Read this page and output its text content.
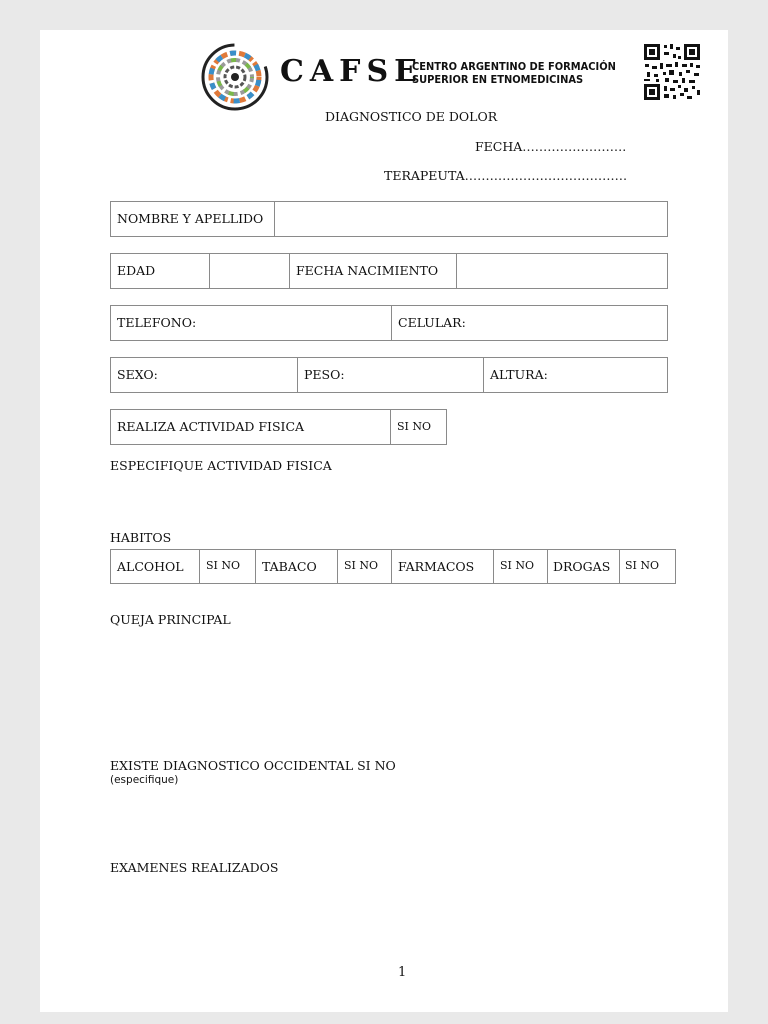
CAFSE
CENTRO ARGENTINO DE FORMACIÓN
SUPERIOR EN ETNOMEDICINAS
DIAGNOSTICO DE DOLOR
FECHA…………………….
TERAPEUTA…………………………………
NOMBRE Y APELLIDO
EDAD	FECHA NACIMIENTO
TELEFONO:	CELULAR:
SEXO:	PESO:	ALTURA:
REALIZA ACTIVIDAD FISICA	SI NO
ESPECIFIQUE ACTIVIDAD FISICA
HABITOS
ALCOHOL SI NO TABACO SI NO FARMACOS SI NO DROGAS SI NO
QUEJA PRINCIPAL
EXISTE DIAGNOSTICO OCCIDENTAL SI NO
(especifique)
EXAMENES REALIZADOS
1
